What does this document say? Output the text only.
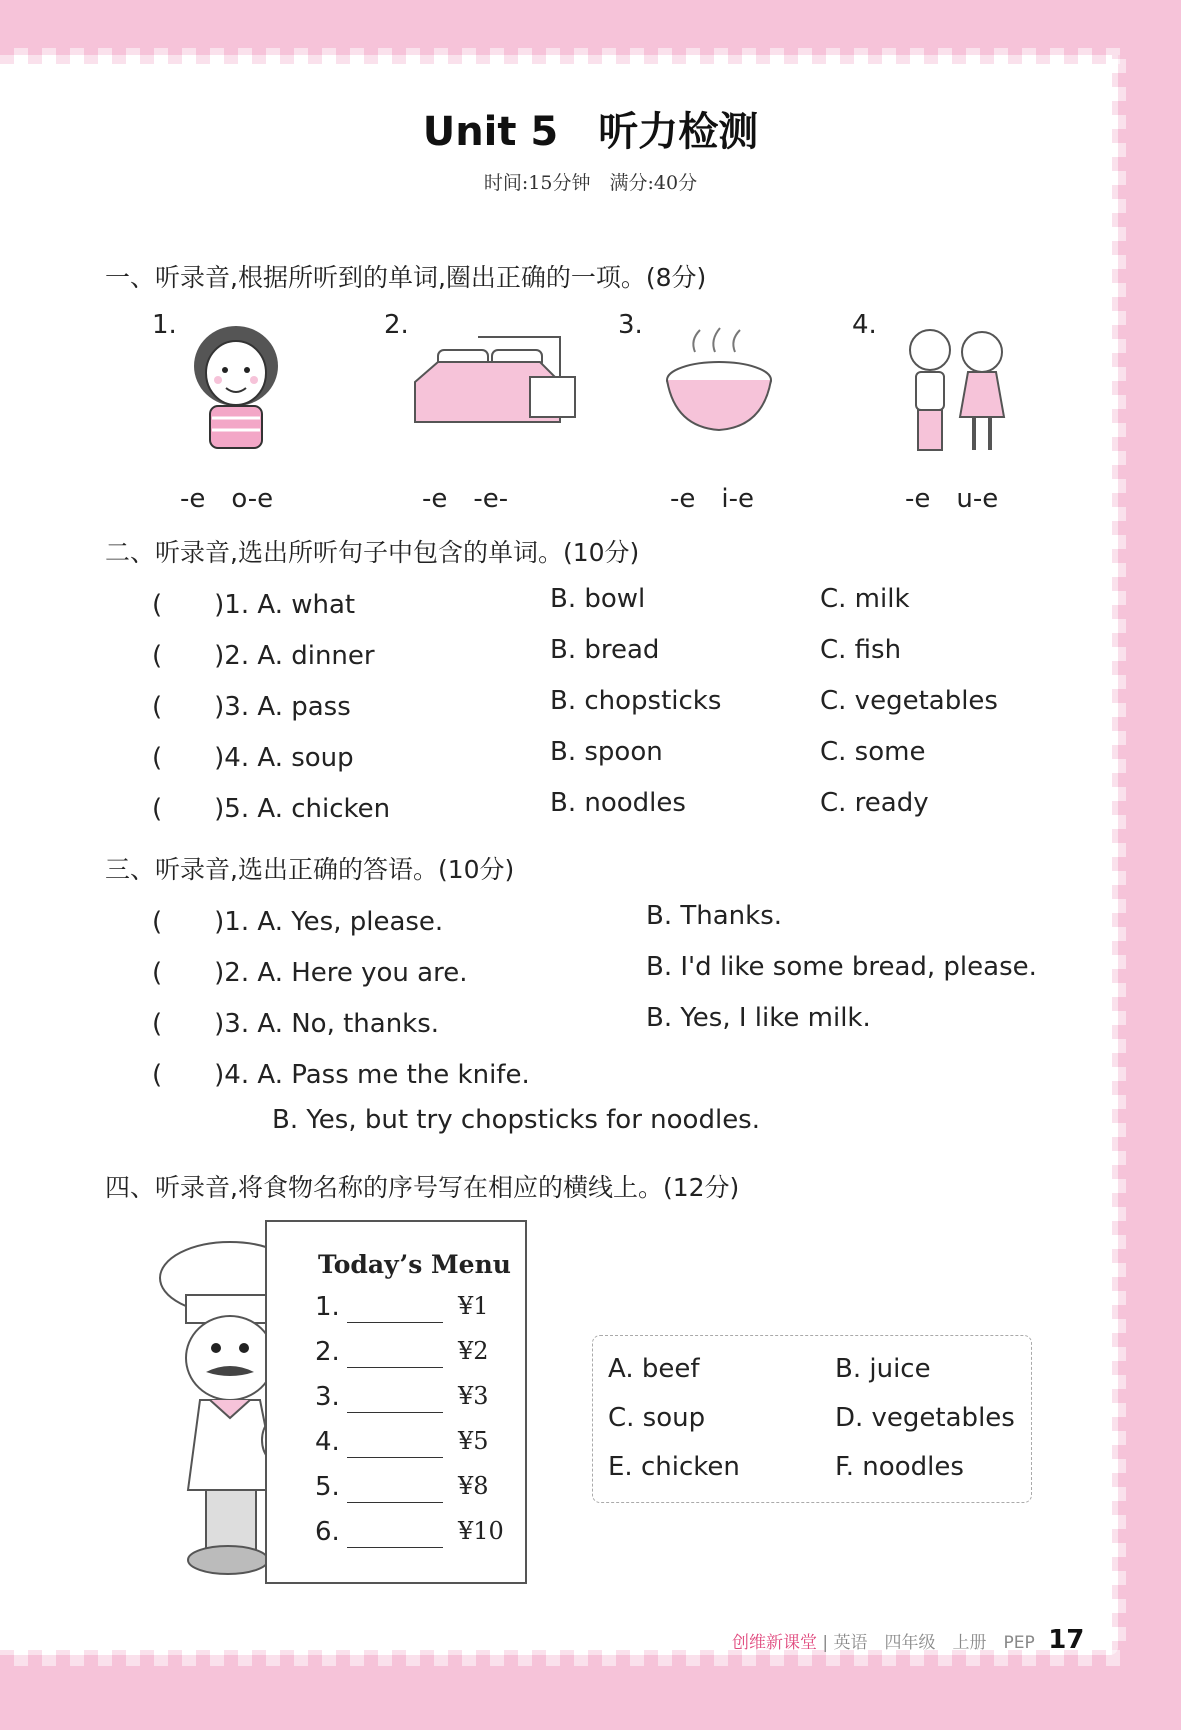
Unit 5　听力检测
时间:15分钟　满分:40分
一、听录音,根据所听到的单词,圈出正确的一项。(8分)
1.	2.	3.	4.
-e　o-e	-e　-e-	-e　i-e	-e　u-e
二、听录音,选出所听句子中包含的单词。(10分)
(　　)1. A. what	B. bowl	C. milk
(　　)2. A. dinner	B. bread	C. fish
(　　)3. A. pass	B. chopsticks	C. vegetables
(　　)4. A. soup	B. spoon	C. some
(　　)5. A. chicken	B. noodles	C. ready
三、听录音,选出正确的答语。(10分)
(　　)1. A. Yes, please.	B. Thanks.
(　　)2. A. Here you are.	B. I'd like some bread, please.
(　　)3. A. No, thanks.	B. Yes, I like milk.
(　　)4. A. Pass me the knife.
B. Yes, but try chopsticks for noodles.
四、听录音,将食物名称的序号写在相应的横线上。(12分)
Today’s Menu
1.	¥1
2.	¥2
3.	¥3
4.	¥5
5.	¥8
6.	¥10
A. beef	B. juice
C. soup	D. vegetables
E. chicken	F. noodles
创维新课堂 | 英语　四年级　上册　PEP 17
